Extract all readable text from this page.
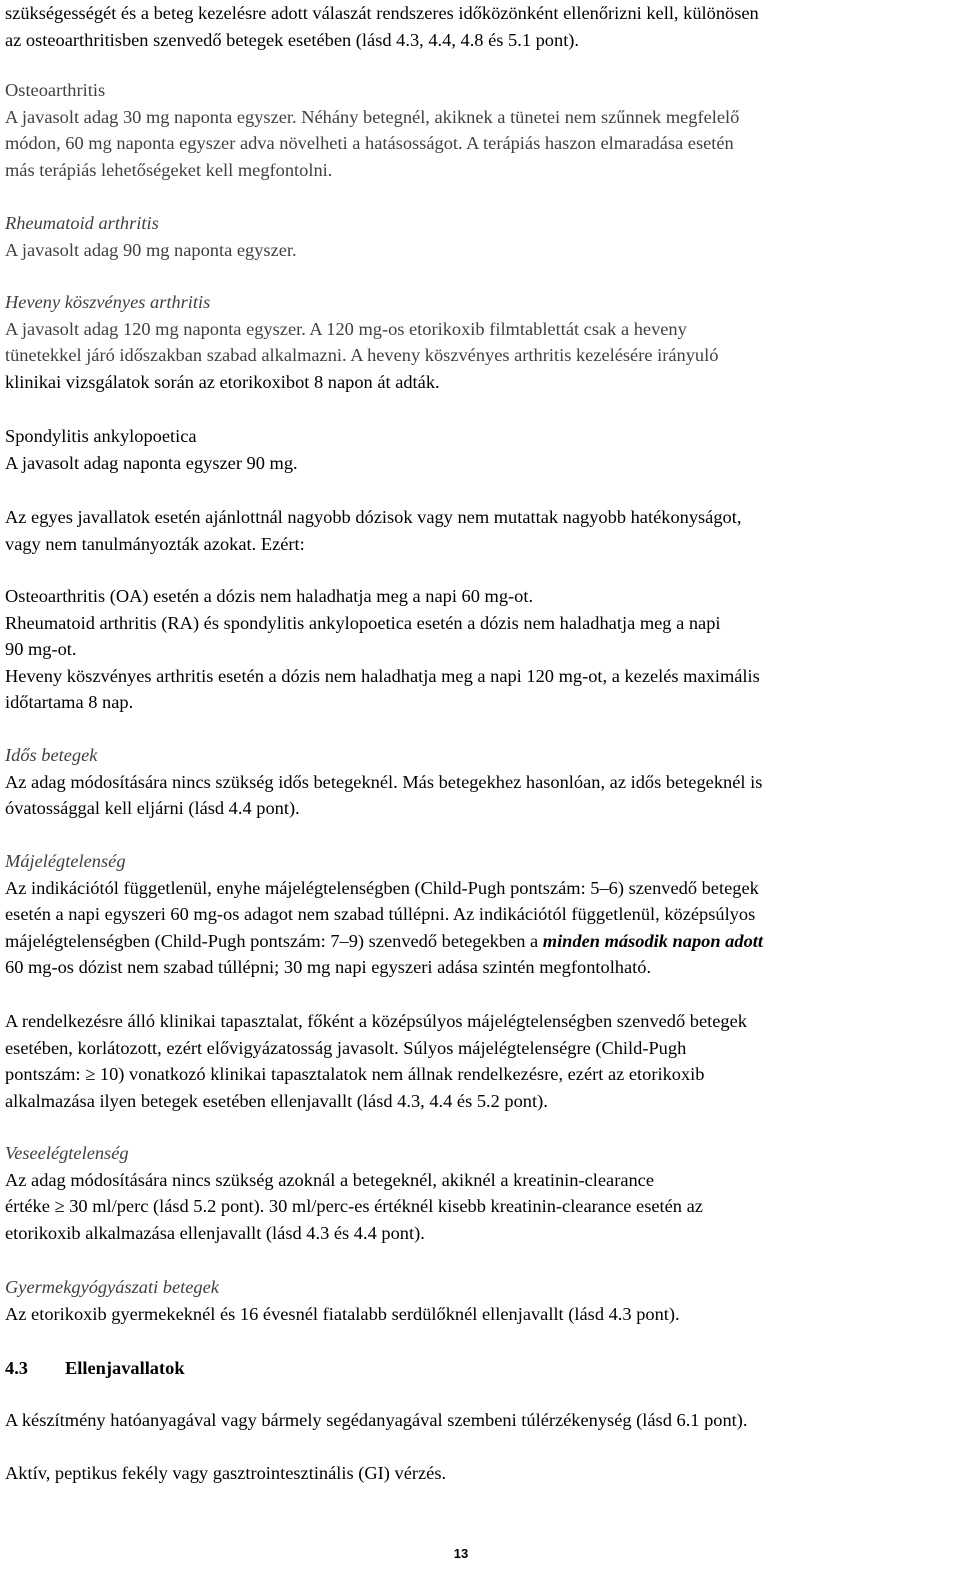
szükségességét és a beteg kezelésre adott válaszát rendszeres időközönként ellenőrizni kell, különösen
az osteoarthritisben szenvedő betegek esetében (lásd 4.3, 4.4, 4.8 és 5.1 pont).
Osteoarthritis
A javasolt adag 30 mg naponta egyszer. Néhány betegnél, akiknek a tünetei nem szűnnek megfelelő
módon, 60 mg naponta egyszer adva növelheti a hatásosságot. A terápiás haszon elmaradása esetén
más terápiás lehetőségeket kell megfontolni.
Rheumatoid arthritis
A javasolt adag 90 mg naponta egyszer.
Heveny köszvényes arthritis
A javasolt adag 120 mg naponta egyszer. A 120 mg-os etorikoxib filmtablettát csak a heveny
tünetekkel járó időszakban szabad alkalmazni. A heveny köszvényes arthritis kezelésére irányuló
klinikai vizsgálatok során az etorikoxibot 8 napon át adták.
Spondylitis ankylopoetica
A javasolt adag naponta egyszer 90 mg.
Az egyes javallatok esetén ajánlottnál nagyobb dózisok vagy nem mutattak nagyobb hatékonyságot,
vagy nem tanulmányozták azokat. Ezért:
Osteoarthritis (OA) esetén a dózis nem haladhatja meg a napi 60 mg-ot.
Rheumatoid arthritis (RA) és spondylitis ankylopoetica esetén a dózis nem haladhatja meg a napi
90 mg-ot.
Heveny köszvényes arthritis esetén a dózis nem haladhatja meg a napi 120 mg-ot, a kezelés maximális
időtartama 8 nap.
Idős betegek
Az adag módosítására nincs szükség idős betegeknél. Más betegekhez hasonlóan, az idős betegeknél is
óvatossággal kell eljárni (lásd 4.4 pont).
Májelégtelenség
Az indikációtól függetlenül, enyhe májelégtelenségben (Child-Pugh pontszám: 5–6) szenvedő betegek
esetén a napi egyszeri 60 mg-os adagot nem szabad túllépni. Az indikációtól függetlenül, középsúlyos
májelégtelenségben (Child-Pugh pontszám: 7–9) szenvedő betegekben a minden második napon adott
60 mg-os dózist nem szabad túllépni; 30 mg napi egyszeri adása szintén megfontolható.
A rendelkezésre álló klinikai tapasztalat, főként a középsúlyos májelégtelenségben szenvedő betegek
esetében, korlátozott, ezért elővigyázatosság javasolt. Súlyos májelégtelenségre (Child-Pugh
pontszám: ≥ 10) vonatkozó klinikai tapasztalatok nem állnak rendelkezésre, ezért az etorikoxib
alkalmazása ilyen betegek esetében ellenjavallt (lásd 4.3, 4.4 és 5.2 pont).
Veseelégtelenség
Az adag módosítására nincs szükség azoknál a betegeknél, akiknél a kreatinin-clearance
értéke ≥ 30 ml/perc (lásd 5.2 pont). 30 ml/perc-es értéknél kisebb kreatinin-clearance esetén az
etorikoxib alkalmazása ellenjavallt (lásd 4.3 és 4.4 pont).
Gyermekgyógyászati betegek
Az etorikoxib gyermekeknél és 16 évesnél fiatalabb serdülőknél ellenjavallt (lásd 4.3 pont).
4.3 Ellenjavallatok
A készítmény hatóanyagával vagy bármely segédanyagával szembeni túlérzékenység (lásd 6.1 pont).
Aktív, peptikus fekély vagy gasztrointesztinális (GI) vérzés.
13
